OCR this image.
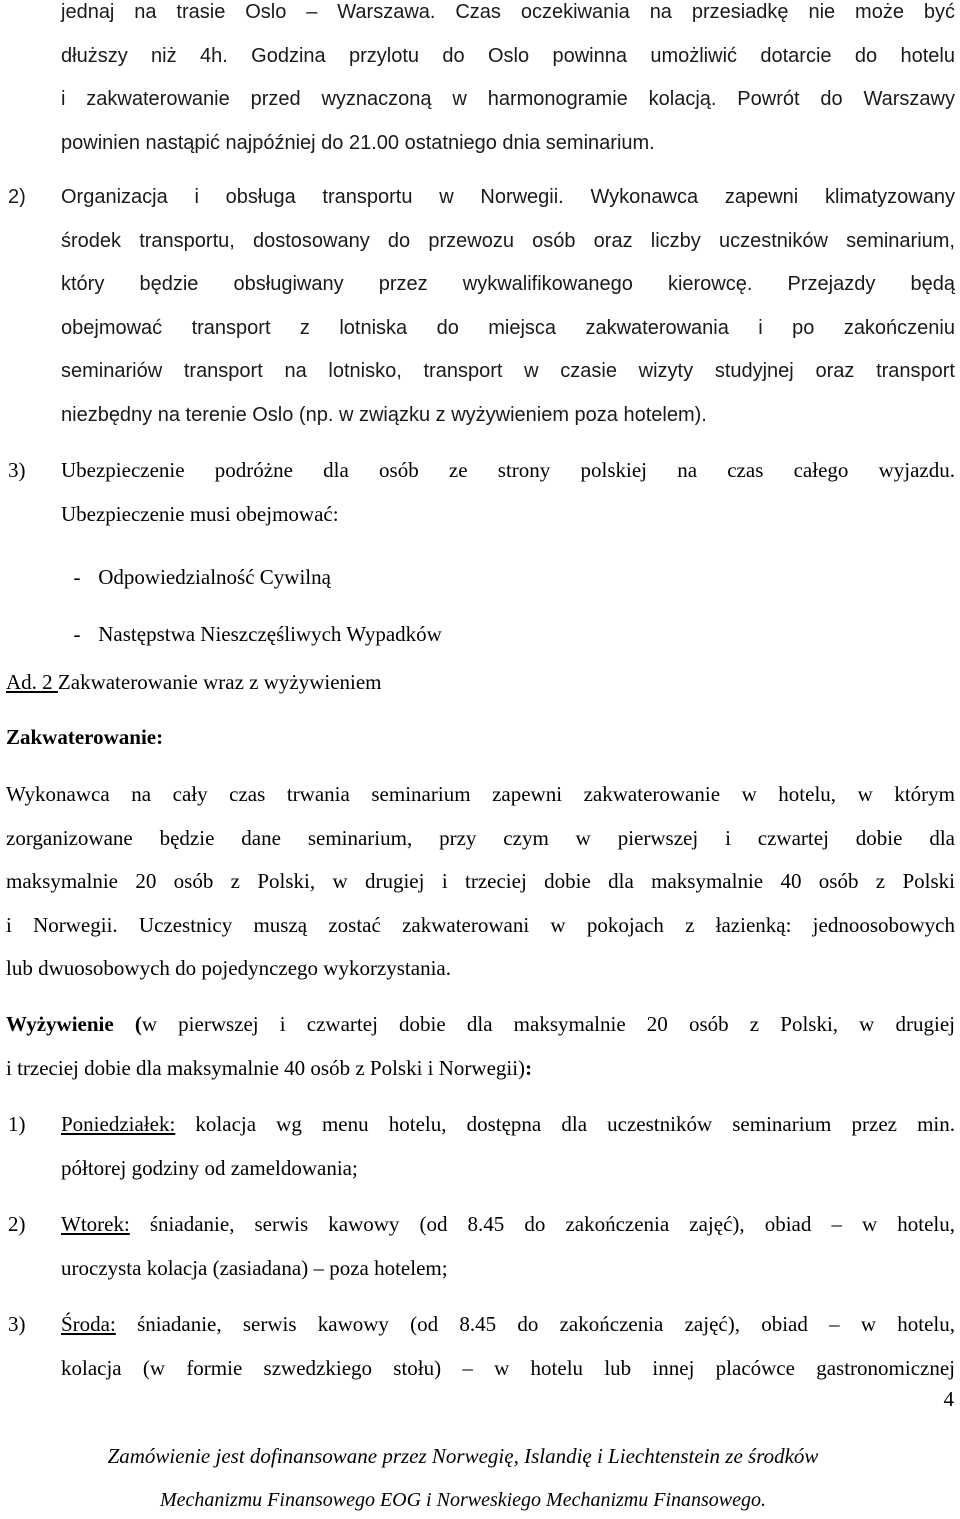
jednaj na trasie Oslo – Warszawa. Czas oczekiwania na przesiadkę nie może być
dłuższy niż 4h. Godzina przylotu do Oslo powinna umożliwić dotarcie do hotelu
i zakwaterowanie przed wyznaczoną w harmonogramie kolacją. Powrót do Warszawy
powinien nastąpić najpóźniej do 21.00 ostatniego dnia seminarium.
2) Organizacja i obsługa transportu w Norwegii. Wykonawca zapewni klimatyzowany
środek transportu, dostosowany do przewozu osób oraz liczby uczestników seminarium,
który będzie obsługiwany przez wykwalifikowanego kierowcę. Przejazdy będą
obejmować transport z lotniska do miejsca zakwaterowania i po zakończeniu
seminariów transport na lotnisko, transport w czasie wizyty studyjnej oraz transport
niezbędny na terenie Oslo (np. w związku z wyżywieniem poza hotelem).
3) Ubezpieczenie podróżne dla osób ze strony polskiej na czas całego wyjazdu.
Ubezpieczenie musi obejmować:
- Odpowiedzialność Cywilną
- Następstwa Nieszczęśliwych Wypadków
Ad. 2 Zakwaterowanie wraz z wyżywieniem
Zakwaterowanie:
Wykonawca na cały czas trwania seminarium zapewni zakwaterowanie w hotelu, w którym
zorganizowane będzie dane seminarium, przy czym w pierwszej i czwartej dobie dla
maksymalnie 20 osób z Polski, w drugiej i trzeciej dobie dla maksymalnie 40 osób z Polski
i Norwegii. Uczestnicy muszą zostać zakwaterowani w pokojach z łazienką: jednoosobowych
lub dwuosobowych do pojedynczego wykorzystania.
Wyżywienie (w pierwszej i czwartej dobie dla maksymalnie 20 osób z Polski, w drugiej
i trzeciej dobie dla maksymalnie 40 osób z Polski i Norwegii):
1) Poniedziałek: kolacja wg menu hotelu, dostępna dla uczestników seminarium przez min.
półtorej godziny od zameldowania;
2) Wtorek: śniadanie, serwis kawowy (od 8.45 do zakończenia zajęć), obiad – w hotelu,
uroczysta kolacja (zasiadana) – poza hotelem;
3) Środa: śniadanie, serwis kawowy (od 8.45 do zakończenia zajęć), obiad – w hotelu,
kolacja (w formie szwedzkiego stołu) – w hotelu lub innej placówce gastronomicznej
4
Zamówienie jest dofinansowane przez Norwegię, Islandię i Liechtenstein ze środków
Mechanizmu Finansowego EOG i Norweskiego Mechanizmu Finansowego.
